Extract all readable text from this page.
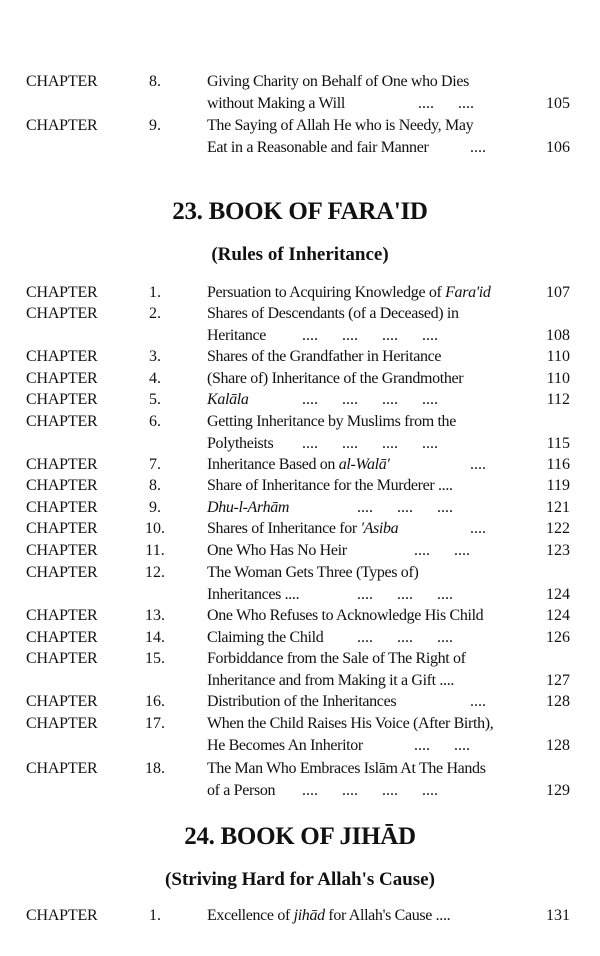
CHAPTER	8.	Giving Charity on Behalf of One who Dies
without Making a Will	....      ....	105
CHAPTER	9.	The Saying of Allah He who is Needy, May
Eat in a Reasonable and fair Manner	....	106
23. BOOK OF FARA'ID
(Rules of Inheritance)
CHAPTER	1.	Persuation to Acquiring Knowledge of Fara'id	107
CHAPTER	2.	Shares of Descendants (of a Deceased) in
Heritance ....      ....      ....      ....	108
CHAPTER	3.	Shares of the Grandfather in Heritance	110
CHAPTER	4.	(Share of) Inheritance of the Grandmother	110
CHAPTER	5.	Kalāla	....      ....      ....      ....	112
CHAPTER	6.	Getting Inheritance by Muslims from the
Polytheists ....      ....      ....      ....	115
CHAPTER	7.	Inheritance Based on al-Walā'	....	116
CHAPTER	8.	Share of Inheritance for the Murderer ....	119
CHAPTER	9.	Dhu-l-Arhām	....      ....      ....	121
CHAPTER	10.	Shares of Inheritance for 'Asiba	....	122
CHAPTER	11.	One Who Has No Heir	....      ....	123
CHAPTER	12.	The Woman Gets Three (Types of)
Inheritances ....	....      ....      ....	124
CHAPTER	13.	One Who Refuses to Acknowledge His Child	124
CHAPTER	14.	Claiming the Child ....      ....      ....	126
CHAPTER	15.	Forbiddance from the Sale of The Right of
Inheritance and from Making it a Gift ....	127
CHAPTER	16.	Distribution of the Inheritances	....	128
CHAPTER	17.	When the Child Raises His Voice (After Birth),
He Becomes An Inheritor	....      ....	128
CHAPTER	18.	The Man Who Embraces Islām At The Hands
of a Person ....      ....      ....      ....	129
24. BOOK OF JIHĀD
(Striving Hard for Allah's Cause)
CHAPTER	1.	Excellence of jihād for Allah's Cause ....	131
